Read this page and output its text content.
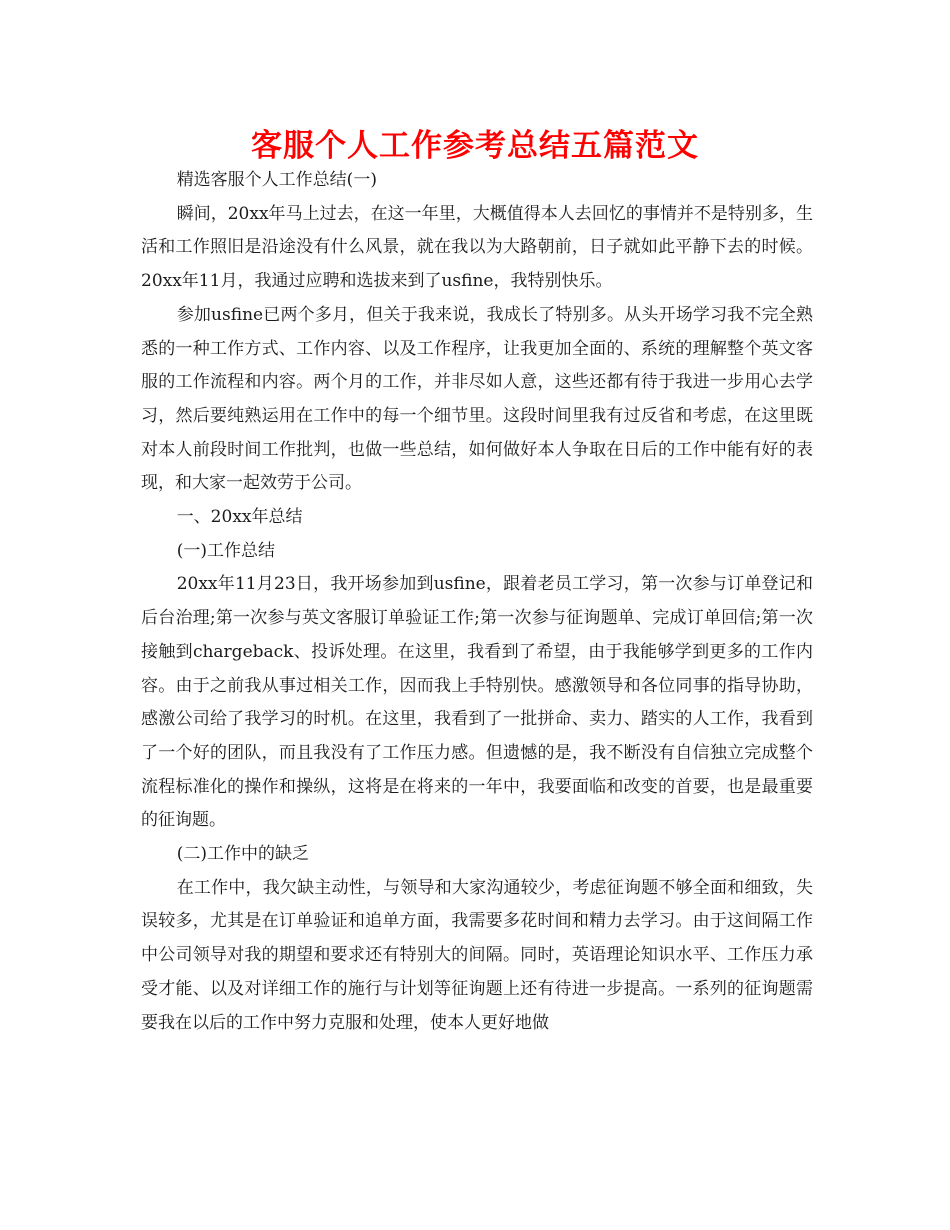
客服个人工作参考总结五篇范文

精选客服个人工作总结(一)

瞬间，20xx年马上过去，在这一年里，大概值得本人去回忆的事情并不是特别多，生活和工作照旧是沿途没有什么风景，就在我以为大路朝前，日子就如此平静下去的时候。20xx年11月，我通过应聘和选拔来到了usfine，我特别快乐。

参加usfine已两个多月，但关于我来说，我成长了特别多。从头开场学习我不完全熟悉的一种工作方式、工作内容、以及工作程序，让我更加全面的、系统的理解整个英文客服的工作流程和内容。两个月的工作，并非尽如人意，这些还都有待于我进一步用心去学习，然后要纯熟运用在工作中的每一个细节里。这段时间里我有过反省和考虑，在这里既对本人前段时间工作批判，也做一些总结，如何做好本人争取在日后的工作中能有好的表现，和大家一起效劳于公司。

一、20xx年总结

(一)工作总结

20xx年11月23日，我开场参加到usfine，跟着老员工学习，第一次参与订单登记和后台治理;第一次参与英文客服订单验证工作;第一次参与征询题单、完成订单回信;第一次接触到chargeback、投诉处理。在这里，我看到了希望，由于我能够学到更多的工作内容。由于之前我从事过相关工作，因而我上手特别快。感激领导和各位同事的指导协助，感激公司给了我学习的时机。在这里，我看到了一批拼命、卖力、踏实的人工作，我看到了一个好的团队，而且我没有了工作压力感。但遗憾的是，我不断没有自信独立完成整个流程标准化的操作和操纵，这将是在将来的一年中，我要面临和改变的首要，也是最重要的征询题。

(二)工作中的缺乏

在工作中，我欠缺主动性，与领导和大家沟通较少，考虑征询题不够全面和细致，失误较多，尤其是在订单验证和追单方面，我需要多花时间和精力去学习。由于这间隔工作中公司领导对我的期望和要求还有特别大的间隔。同时，英语理论知识水平、工作压力承受才能、以及对详细工作的施行与计划等征询题上还有待进一步提高。一系列的征询题需要我在以后的工作中努力克服和处理，使本人更好地做
